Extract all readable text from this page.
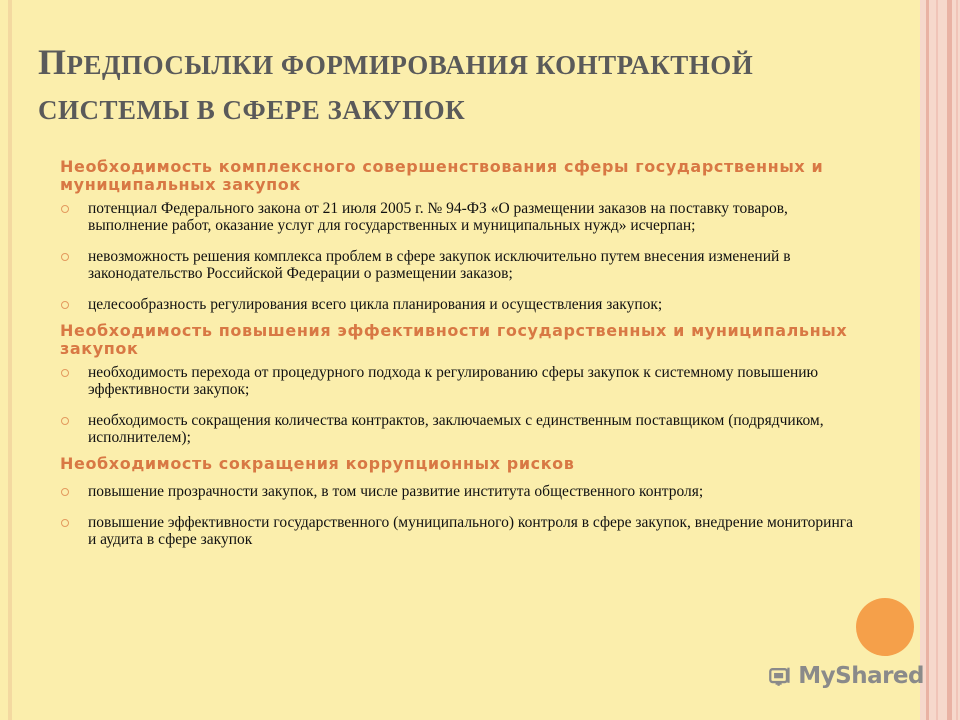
ПРЕДПОСЫЛКИ ФОРМИРОВАНИЯ КОНТРАКТНОЙ
СИСТЕМЫ В СФЕРЕ ЗАКУПОК

Необходимость комплексного совершенствования сферы государственных и муниципальных закупок

потенциал Федерального закона от 21 июля 2005 г. № 94-ФЗ «О размещении заказов на поставку товаров, выполнение работ, оказание услуг для государственных и муниципальных нужд» исчерпан;
невозможность решения комплекса проблем в сфере закупок исключительно путем внесения изменений в законодательство Российской Федерации о размещении заказов;
целесообразность регулирования всего цикла планирования и осуществления закупок;

Необходимость повышения эффективности государственных и муниципальных закупок

необходимость перехода от процедурного подхода к регулированию сферы закупок к системному повышению эффективности закупок;
необходимость сокращения количества контрактов, заключаемых с единственным поставщиком (подрядчиком, исполнителем);

Необходимость сокращения коррупционных рисков

повышение прозрачности закупок, в том числе развитие института общественного контроля;
повышение эффективности государственного (муниципального) контроля в сфере закупок, внедрение мониторинга и аудита в сфере закупок
MyShared
